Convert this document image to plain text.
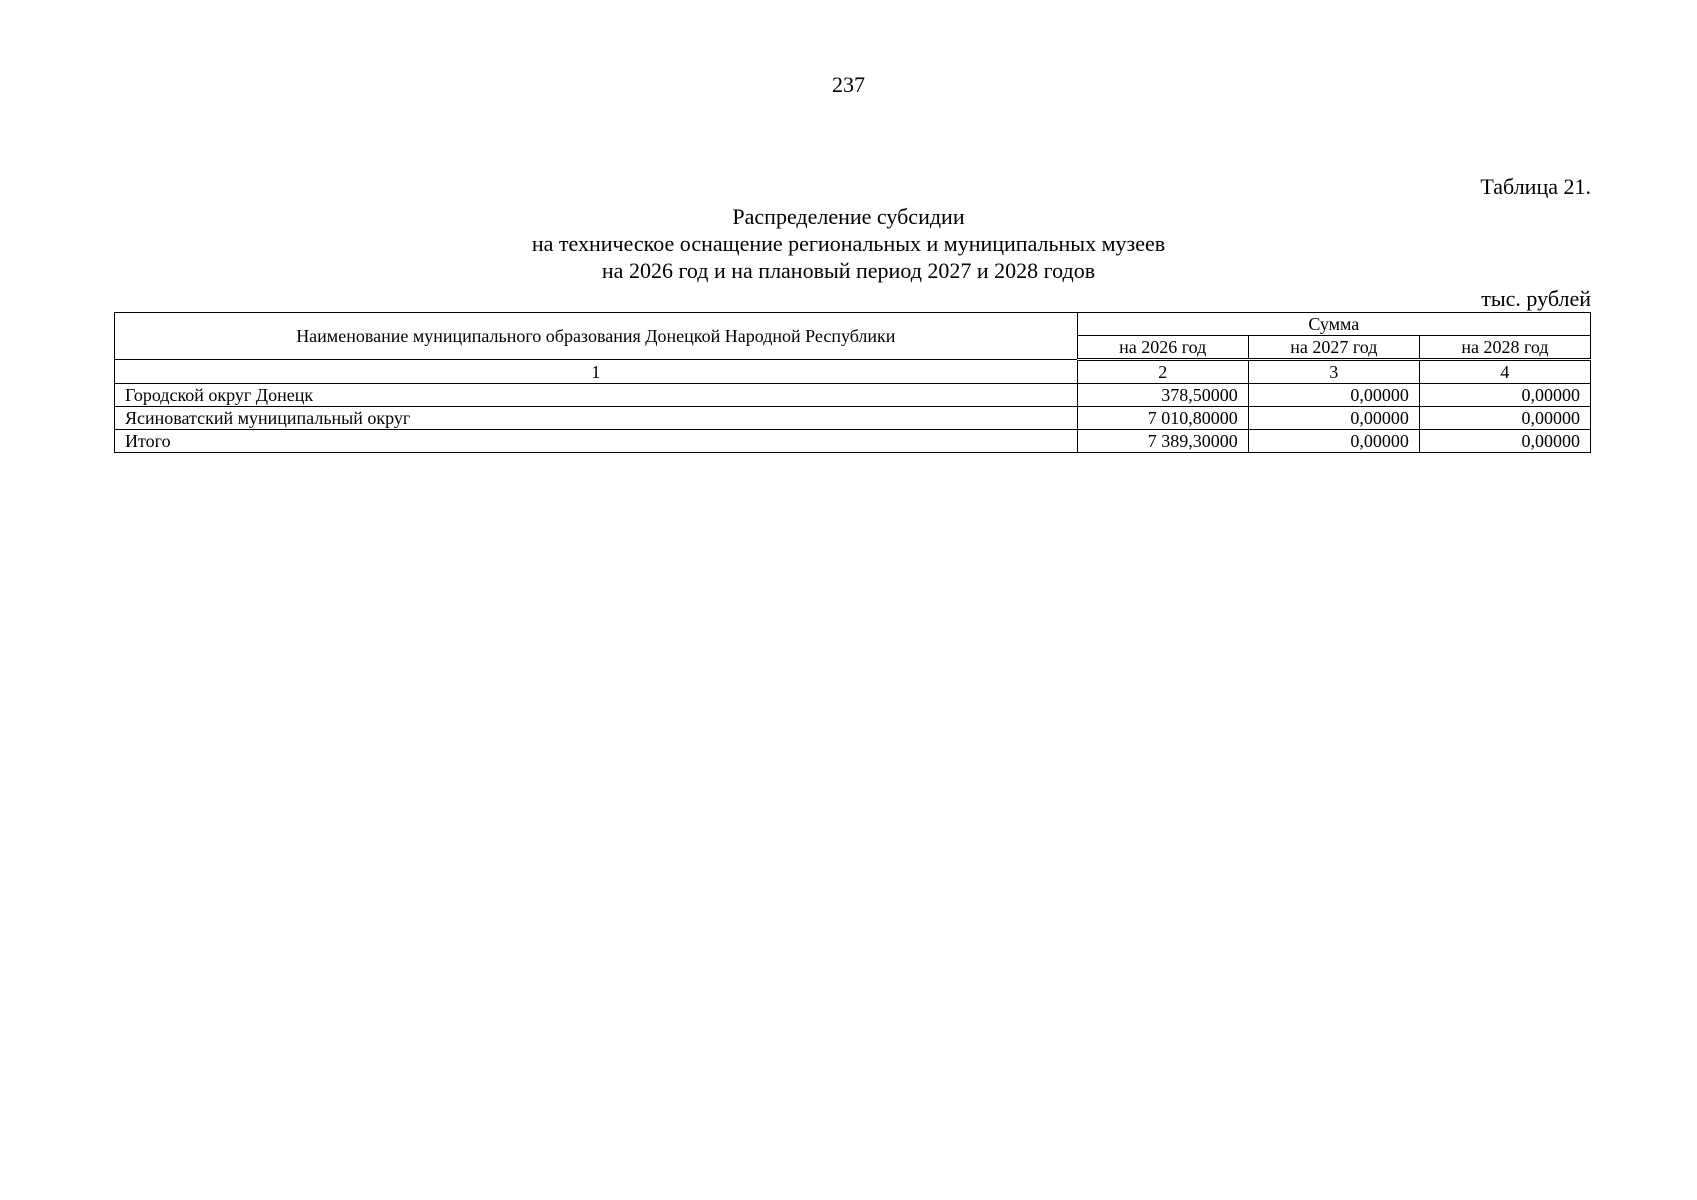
237
Таблица 21.
Распределение субсидии
на техническое оснащение региональных и муниципальных музеев
на 2026 год и на плановый период 2027 и 2028 годов
тыс. рублей
Наименование муниципального образования Донецкой Народной Республики	Сумма		
	на 2026 год	на 2027 год	на 2028 год
1	2	3	4
Городской округ Донецк	378,50000	0,00000	0,00000
Ясиноватский муниципальный округ	7 010,80000	0,00000	0,00000
Итого	7 389,30000	0,00000	0,00000
